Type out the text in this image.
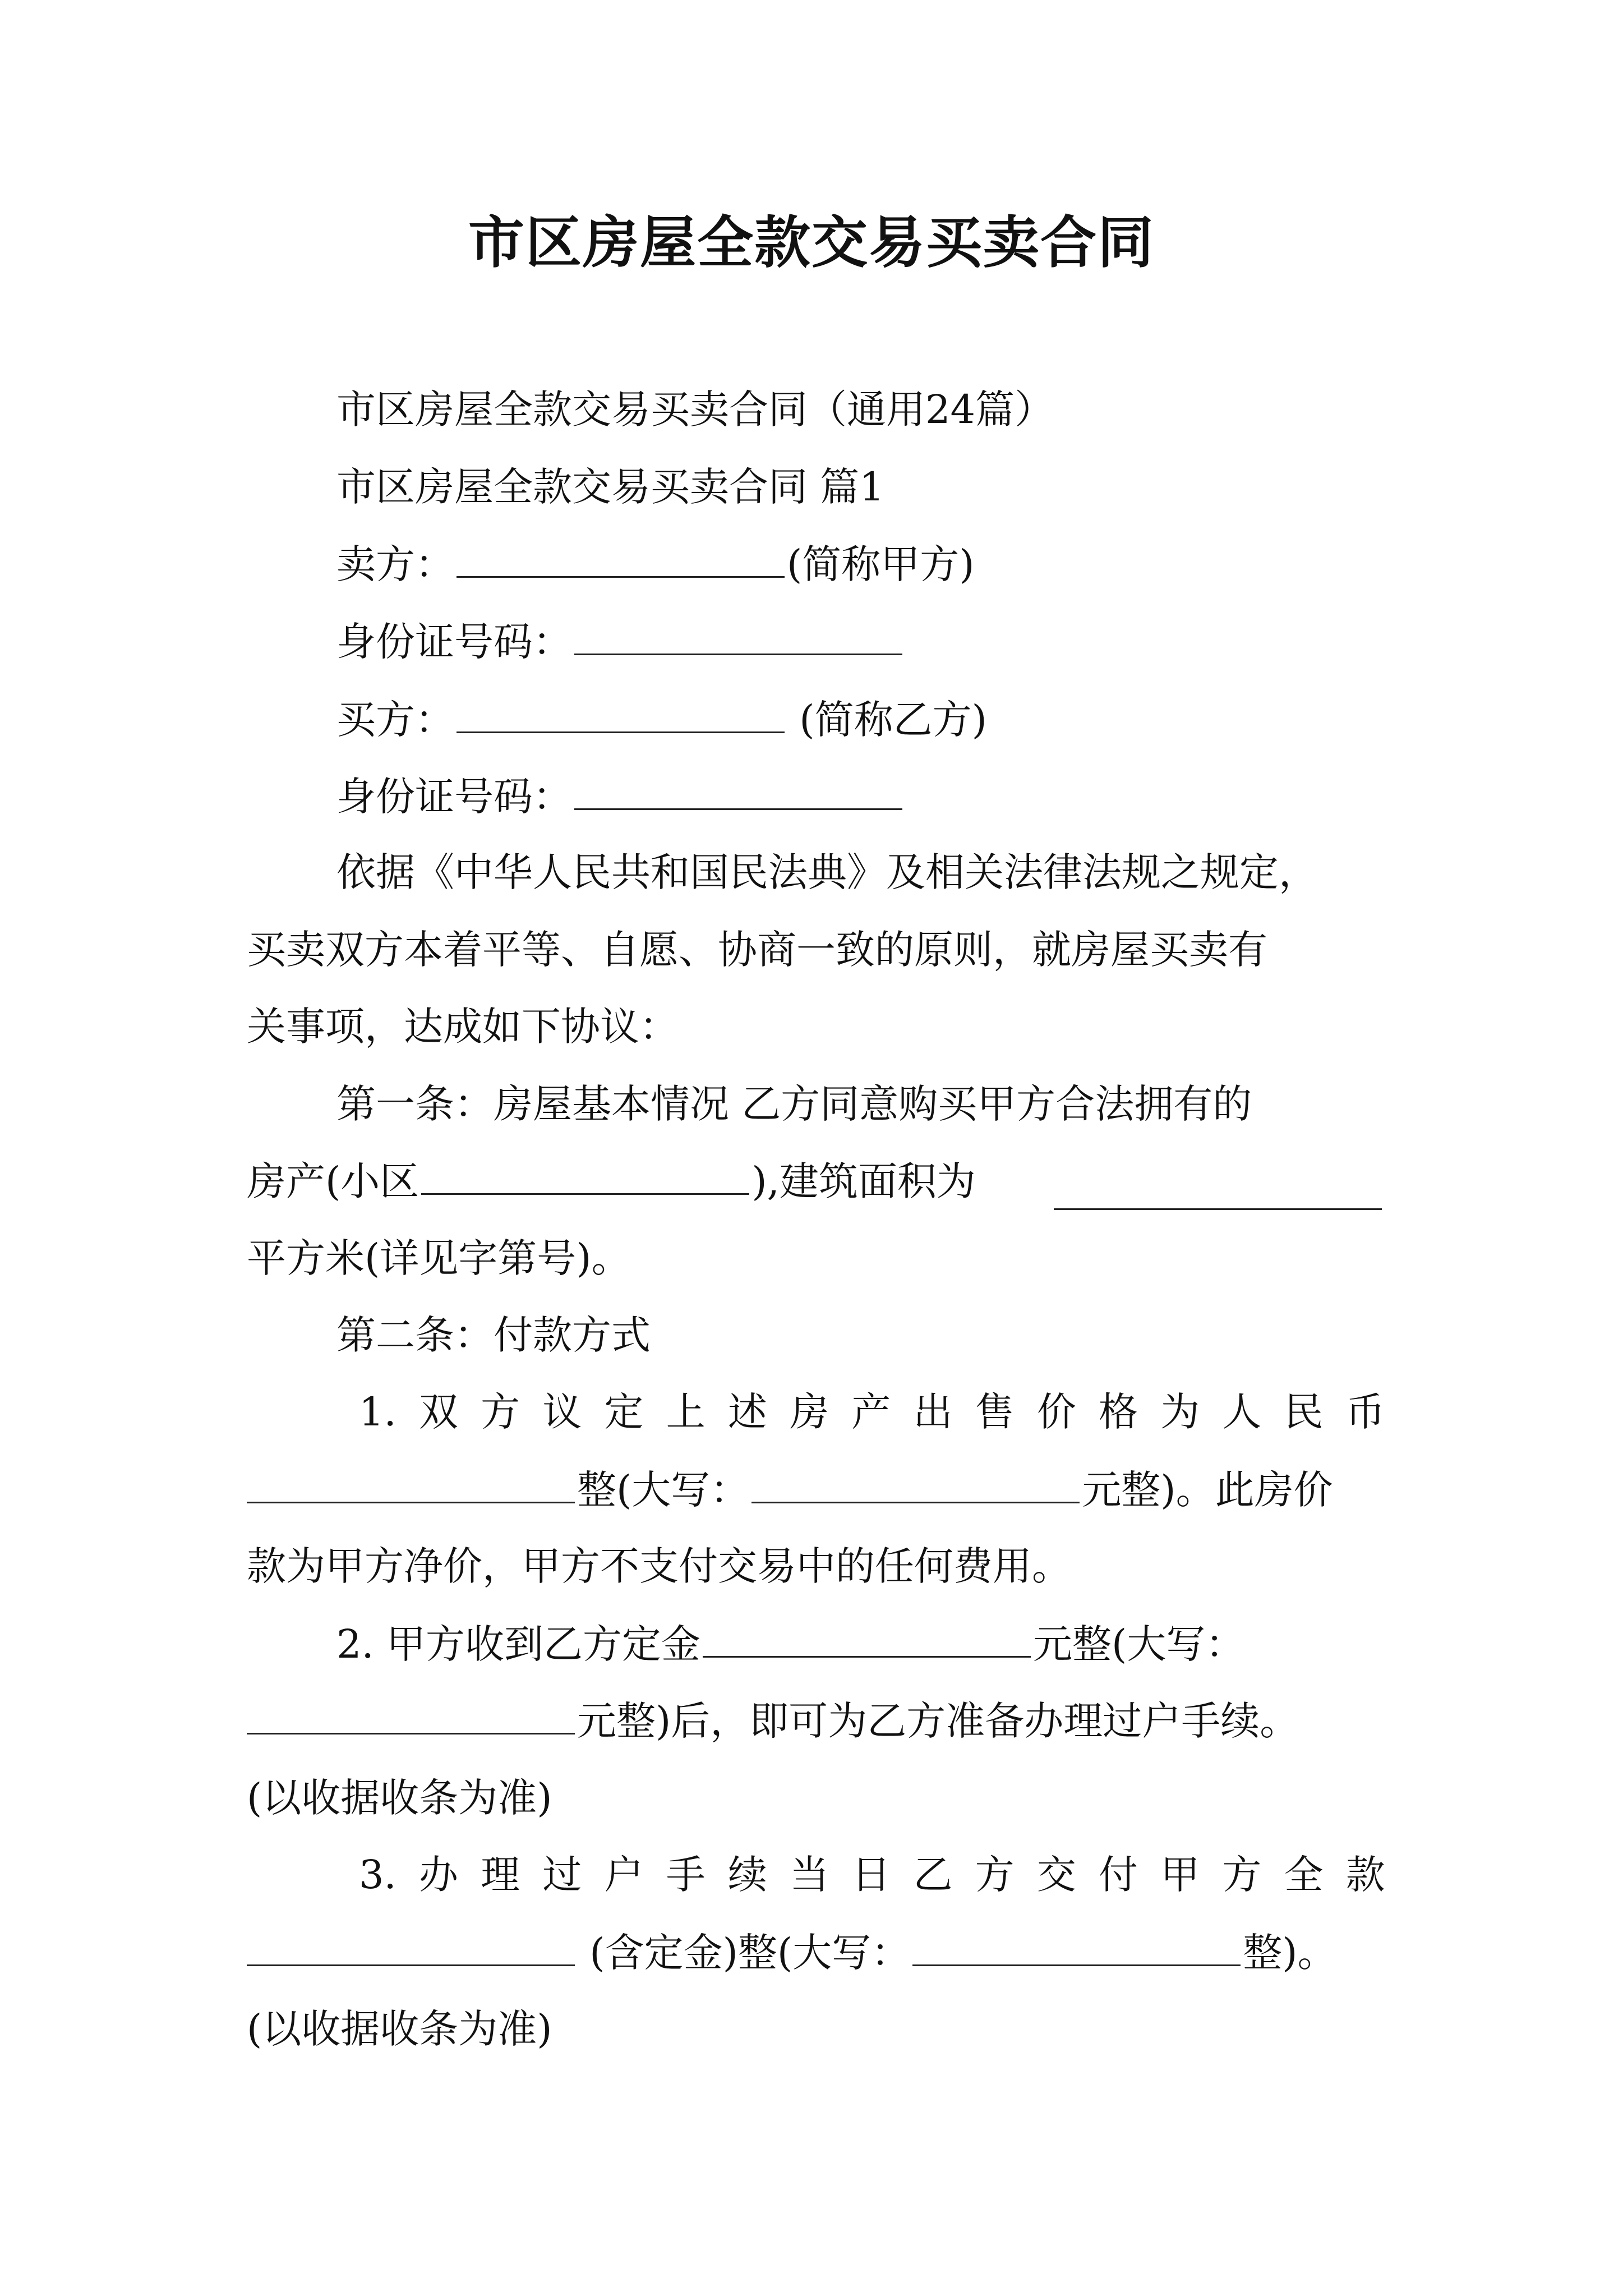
市区房屋全款交易买卖合同
市区房屋全款交易买卖合同（通用24篇）
市区房屋全款交易买卖合同 篇1
卖方：	(简称甲方)
身份证号码：
买方：	(简称乙方)
身份证号码：
依据《中华人民共和国民法典》及相关法律法规之规定，
买卖双方本着平等、自愿、协商一致的原则，就房屋买卖有
关事项，达成如下协议：
第一条：房屋基本情况 乙方同意购买甲方合法拥有的
房产(小区	),建筑面积为
平方米(详见字第号)。
第二条：付款方式
1. 双 方 议 定 上 述 房 产 出 售 价 格 为 人 民 币
整(大写：	元整)。此房价
款为甲方净价，甲方不支付交易中的任何费用。
2. 甲方收到乙方定金	元整(大写：
元整)后，即可为乙方准备办理过户手续。
(以收据收条为准)
3. 办 理 过 户 手 续 当 日 乙 方 交 付 甲 方 全 款
(含定金)整(大写：	整)。
(以收据收条为准)
